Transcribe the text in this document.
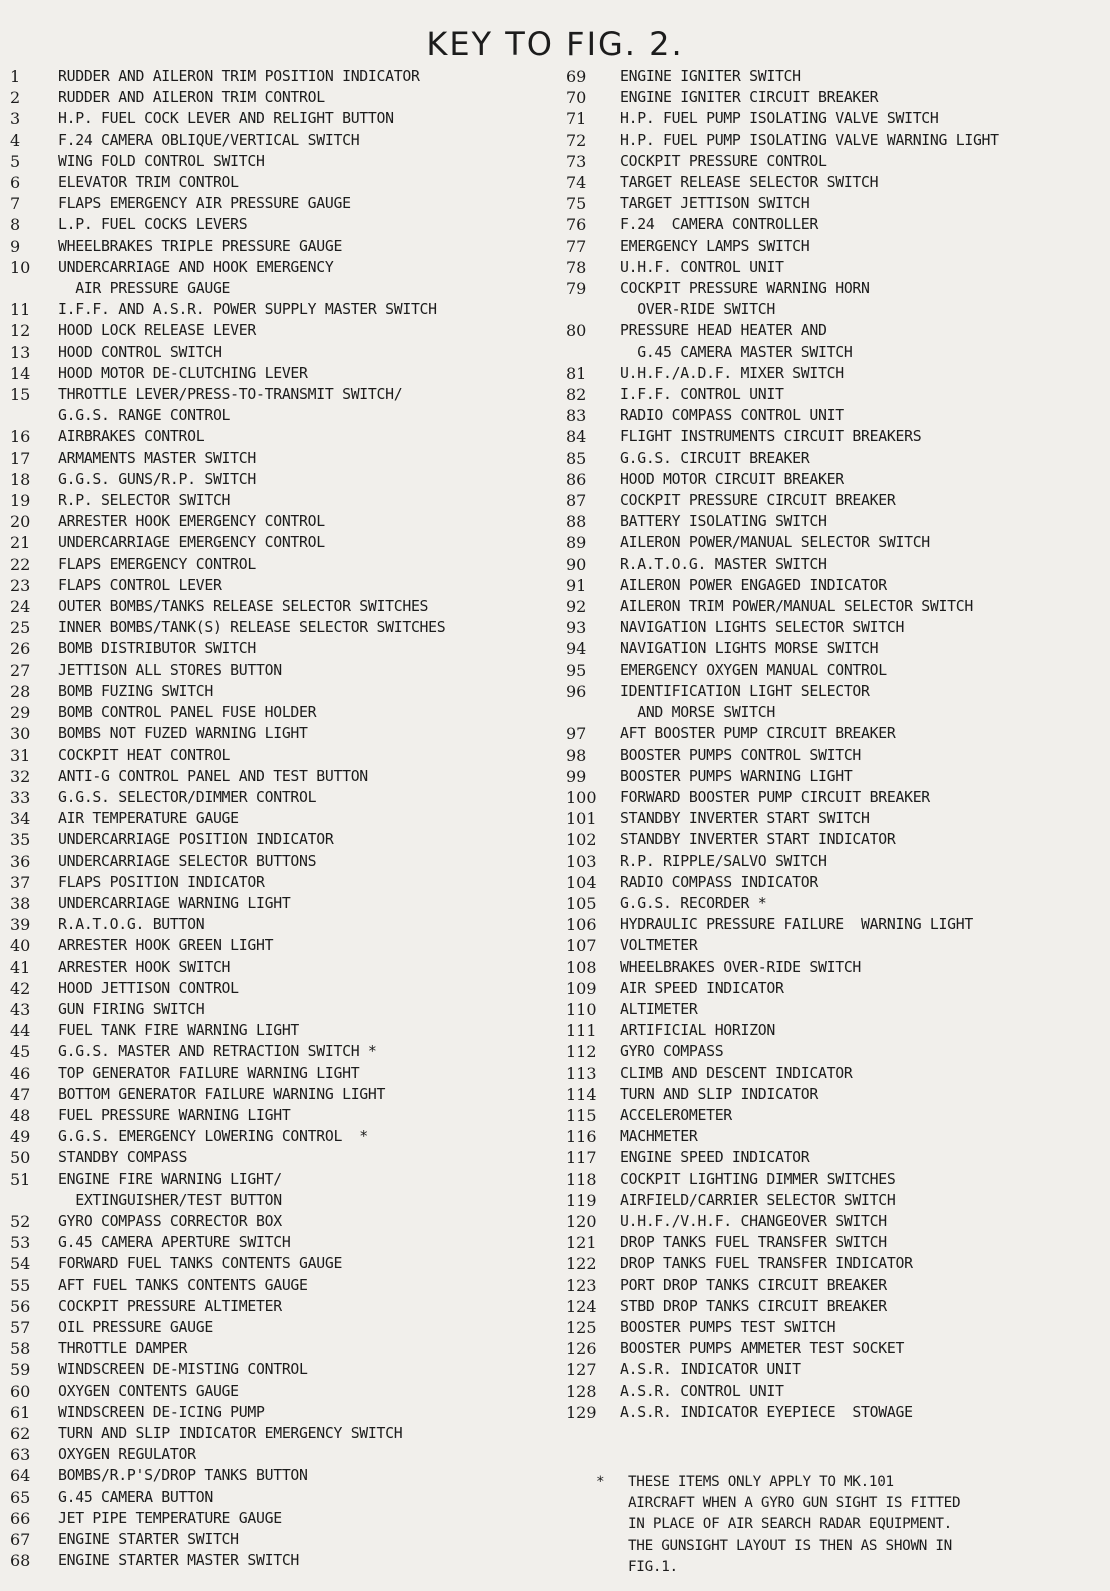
KEY TO FIG. 2.
1	RUDDER AND AILERON TRIM POSITION INDICATOR
2	RUDDER AND AILERON TRIM CONTROL
3	H.P. FUEL COCK LEVER AND RELIGHT BUTTON
4	F.24 CAMERA OBLIQUE/VERTICAL SWITCH
5	WING FOLD CONTROL SWITCH
6	ELEVATOR TRIM CONTROL
7	FLAPS EMERGENCY AIR PRESSURE GAUGE
8	L.P. FUEL COCKS LEVERS
9	WHEELBRAKES TRIPLE PRESSURE GAUGE
10	UNDERCARRIAGE AND HOOK EMERGENCY
AIR PRESSURE GAUGE
11	I.F.F. AND A.S.R. POWER SUPPLY MASTER SWITCH
12	HOOD LOCK RELEASE LEVER
13	HOOD CONTROL SWITCH
14	HOOD MOTOR DE-CLUTCHING LEVER
15	THROTTLE LEVER/PRESS-TO-TRANSMIT SWITCH/
G.G.S. RANGE CONTROL
16	AIRBRAKES CONTROL
17	ARMAMENTS MASTER SWITCH
18	G.G.S. GUNS/R.P. SWITCH
19	R.P. SELECTOR SWITCH
20	ARRESTER HOOK EMERGENCY CONTROL
21	UNDERCARRIAGE EMERGENCY CONTROL
22	FLAPS EMERGENCY CONTROL
23	FLAPS CONTROL LEVER
24	OUTER BOMBS/TANKS RELEASE SELECTOR SWITCHES
25	INNER BOMBS/TANK(S) RELEASE SELECTOR SWITCHES
26	BOMB DISTRIBUTOR SWITCH
27	JETTISON ALL STORES BUTTON
28	BOMB FUZING SWITCH
29	BOMB CONTROL PANEL FUSE HOLDER
30	BOMBS NOT FUZED WARNING LIGHT
31	COCKPIT HEAT CONTROL
32	ANTI-G CONTROL PANEL AND TEST BUTTON
33	G.G.S. SELECTOR/DIMMER CONTROL
34	AIR TEMPERATURE GAUGE
35	UNDERCARRIAGE POSITION INDICATOR
36	UNDERCARRIAGE SELECTOR BUTTONS
37	FLAPS POSITION INDICATOR
38	UNDERCARRIAGE WARNING LIGHT
39	R.A.T.O.G. BUTTON
40	ARRESTER HOOK GREEN LIGHT
41	ARRESTER HOOK SWITCH
42	HOOD JETTISON CONTROL
43	GUN FIRING SWITCH
44	FUEL TANK FIRE WARNING LIGHT
45	G.G.S. MASTER AND RETRACTION SWITCH *
46	TOP GENERATOR FAILURE WARNING LIGHT
47	BOTTOM GENERATOR FAILURE WARNING LIGHT
48	FUEL PRESSURE WARNING LIGHT
49	G.G.S. EMERGENCY LOWERING CONTROL  *
50	STANDBY COMPASS
51	ENGINE FIRE WARNING LIGHT/
EXTINGUISHER/TEST BUTTON
52	GYRO COMPASS CORRECTOR BOX
53	G.45 CAMERA APERTURE SWITCH
54	FORWARD FUEL TANKS CONTENTS GAUGE
55	AFT FUEL TANKS CONTENTS GAUGE
56	COCKPIT PRESSURE ALTIMETER
57	OIL PRESSURE GAUGE
58	THROTTLE DAMPER
59	WINDSCREEN DE-MISTING CONTROL
60	OXYGEN CONTENTS GAUGE
61	WINDSCREEN DE-ICING PUMP
62	TURN AND SLIP INDICATOR EMERGENCY SWITCH
63	OXYGEN REGULATOR
64	BOMBS/R.P'S/DROP TANKS BUTTON
65	G.45 CAMERA BUTTON
66	JET PIPE TEMPERATURE GAUGE
67	ENGINE STARTER SWITCH
68	ENGINE STARTER MASTER SWITCH
69	ENGINE IGNITER SWITCH
70	ENGINE IGNITER CIRCUIT BREAKER
71	H.P. FUEL PUMP ISOLATING VALVE SWITCH
72	H.P. FUEL PUMP ISOLATING VALVE WARNING LIGHT
73	COCKPIT PRESSURE CONTROL
74	TARGET RELEASE SELECTOR SWITCH
75	TARGET JETTISON SWITCH
76	F.24  CAMERA CONTROLLER
77	EMERGENCY LAMPS SWITCH
78	U.H.F. CONTROL UNIT
79	COCKPIT PRESSURE WARNING HORN
OVER-RIDE SWITCH
80	PRESSURE HEAD HEATER AND
G.45 CAMERA MASTER SWITCH
81	U.H.F./A.D.F. MIXER SWITCH
82	I.F.F. CONTROL UNIT
83	RADIO COMPASS CONTROL UNIT
84	FLIGHT INSTRUMENTS CIRCUIT BREAKERS
85	G.G.S. CIRCUIT BREAKER
86	HOOD MOTOR CIRCUIT BREAKER
87	COCKPIT PRESSURE CIRCUIT BREAKER
88	BATTERY ISOLATING SWITCH
89	AILERON POWER/MANUAL SELECTOR SWITCH
90	R.A.T.O.G. MASTER SWITCH
91	AILERON POWER ENGAGED INDICATOR
92	AILERON TRIM POWER/MANUAL SELECTOR SWITCH
93	NAVIGATION LIGHTS SELECTOR SWITCH
94	NAVIGATION LIGHTS MORSE SWITCH
95	EMERGENCY OXYGEN MANUAL CONTROL
96	IDENTIFICATION LIGHT SELECTOR
AND MORSE SWITCH
97	AFT BOOSTER PUMP CIRCUIT BREAKER
98	BOOSTER PUMPS CONTROL SWITCH
99	BOOSTER PUMPS WARNING LIGHT
100	FORWARD BOOSTER PUMP CIRCUIT BREAKER
101	STANDBY INVERTER START SWITCH
102	STANDBY INVERTER START INDICATOR
103	R.P. RIPPLE/SALVO SWITCH
104	RADIO COMPASS INDICATOR
105	G.G.S. RECORDER *
106	HYDRAULIC PRESSURE FAILURE  WARNING LIGHT
107	VOLTMETER
108	WHEELBRAKES OVER-RIDE SWITCH
109	AIR SPEED INDICATOR
110	ALTIMETER
111	ARTIFICIAL HORIZON
112	GYRO COMPASS
113	CLIMB AND DESCENT INDICATOR
114	TURN AND SLIP INDICATOR
115	ACCELEROMETER
116	MACHMETER
117	ENGINE SPEED INDICATOR
118	COCKPIT LIGHTING DIMMER SWITCHES
119	AIRFIELD/CARRIER SELECTOR SWITCH
120	U.H.F./V.H.F. CHANGEOVER SWITCH
121	DROP TANKS FUEL TRANSFER SWITCH
122	DROP TANKS FUEL TRANSFER INDICATOR
123	PORT DROP TANKS CIRCUIT BREAKER
124	STBD DROP TANKS CIRCUIT BREAKER
125	BOOSTER PUMPS TEST SWITCH
126	BOOSTER PUMPS AMMETER TEST SOCKET
127	A.S.R. INDICATOR UNIT
128	A.S.R. CONTROL UNIT
129	A.S.R. INDICATOR EYEPIECE  STOWAGE
*	THESE ITEMS ONLY APPLY TO MK.101
AIRCRAFT WHEN A GYRO GUN SIGHT IS FITTED
IN PLACE OF AIR SEARCH RADAR EQUIPMENT.
THE GUNSIGHT LAYOUT IS THEN AS SHOWN IN
FIG.1.
